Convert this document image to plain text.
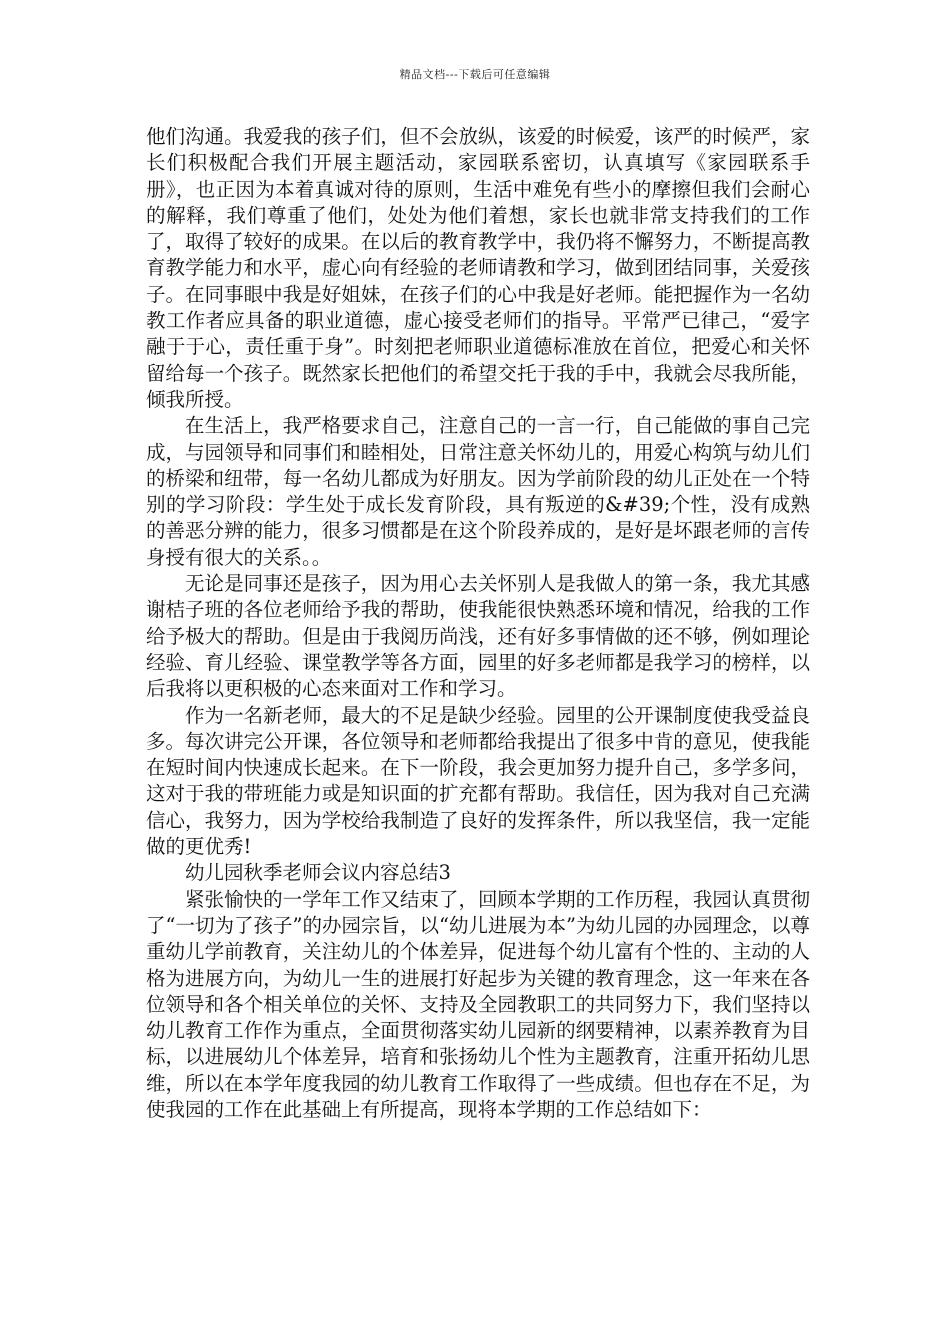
精品文档---下载后可任意编辑

他们沟通。我爱我的孩子们，但不会放纵，该爱的时候爱，该严的时候严，家长们积极配合我们开展主题活动，家园联系密切，认真填写《家园联系手册》，也正因为本着真诚对待的原则，生活中难免有些小的摩擦但我们会耐心的解释，我们尊重了他们，处处为他们着想，家长也就非常支持我们的工作了，取得了较好的成果。在以后的教育教学中，我仍将不懈努力，不断提高教育教学能力和水平，虚心向有经验的老师请教和学习，做到团结同事，关爱孩子。在同事眼中我是好姐妹，在孩子们的心中我是好老师。能把握作为一名幼教工作者应具备的职业道德，虚心接受老师们的指导。平常严已律己，“爱字融于于心，责任重于身”。时刻把老师职业道德标准放在首位，把爱心和关怀留给每一个孩子。既然家长把他们的希望交托于我的手中，我就会尽我所能，倾我所授。

在生活上，我严格要求自己，注意自己的一言一行，自己能做的事自己完成，与园领导和同事们和睦相处，日常注意关怀幼儿的，用爱心构筑与幼儿们的桥梁和纽带，每一名幼儿都成为好朋友。因为学前阶段的幼儿正处在一个特别的学习阶段：学生处于成长发育阶段，具有叛逆的&#39;个性，没有成熟的善恶分辨的能力，很多习惯都是在这个阶段养成的，是好是坏跟老师的言传身授有很大的关系。。

无论是同事还是孩子，因为用心去关怀别人是我做人的第一条，我尤其感谢桔子班的各位老师给予我的帮助，使我能很快熟悉环境和情况，给我的工作给予极大的帮助。但是由于我阅历尚浅，还有好多事情做的还不够，例如理论经验、育儿经验、课堂教学等各方面，园里的好多老师都是我学习的榜样，以后我将以更积极的心态来面对工作和学习。

作为一名新老师，最大的不足是缺少经验。园里的公开课制度使我受益良多。每次讲完公开课，各位领导和老师都给我提出了很多中肯的意见，使我能在短时间内快速成长起来。在下一阶段，我会更加努力提升自己，多学多问，这对于我的带班能力或是知识面的扩充都有帮助。我信任，因为我对自己充满信心，我努力，因为学校给我制造了良好的发挥条件，所以我坚信，我一定能做的更优秀!

幼儿园秋季老师会议内容总结3

紧张愉快的一学年工作又结束了，回顾本学期的工作历程，我园认真贯彻了“一切为了孩子”的办园宗旨，以“幼儿进展为本”为幼儿园的办园理念，以尊重幼儿学前教育，关注幼儿的个体差异，促进每个幼儿富有个性的、主动的人格为进展方向，为幼儿一生的进展打好起步为关键的教育理念，这一年来在各位领导和各个相关单位的关怀、支持及全园教职工的共同努力下，我们坚持以幼儿教育工作作为重点，全面贯彻落实幼儿园新的纲要精神，以素养教育为目标，以进展幼儿个体差异，培育和张扬幼儿个性为主题教育，注重开拓幼儿思维，所以在本学年度我园的幼儿教育工作取得了一些成绩。但也存在不足，为使我园的工作在此基础上有所提高，现将本学期的工作总结如下：
